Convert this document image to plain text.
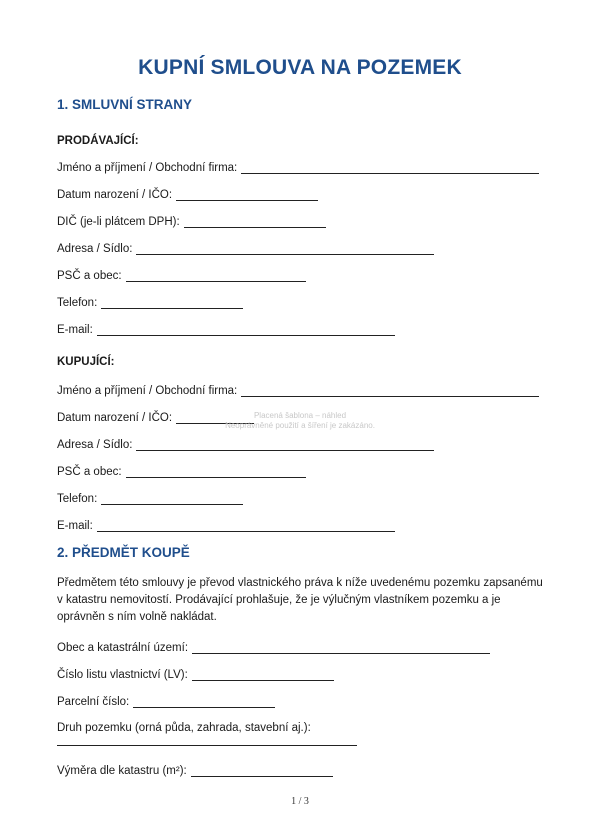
KUPNÍ SMLOUVA NA POZEMEK
1. SMLUVNÍ STRANY
PRODÁVAJÍCÍ:
Jméno a příjmení / Obchodní firma:
Datum narození / IČO:
DIČ (je-li plátcem DPH):
Adresa / Sídlo:
PSČ a obec:
Telefon:
E-mail:
KUPUJÍCÍ:
Jméno a příjmení / Obchodní firma:
Datum narození / IČO:
Adresa / Sídlo:
PSČ a obec:
Telefon:
E-mail:
Placená šablona – náhled
Neoprávněné použití a šíření je zakázáno.
2. PŘEDMĚT KOUPĚ
Předmětem této smlouvy je převod vlastnického práva k níže uvedenému pozemku zapsanému v katastru nemovitostí. Prodávající prohlašuje, že je výlučným vlastníkem pozemku a je oprávněn s ním volně nakládat.
Obec a katastrální území:
Číslo listu vlastnictví (LV):
Parcelní číslo:
Druh pozemku (orná půda, zahrada, stavební aj.):
Výměra dle katastru (m²):
1 / 3
